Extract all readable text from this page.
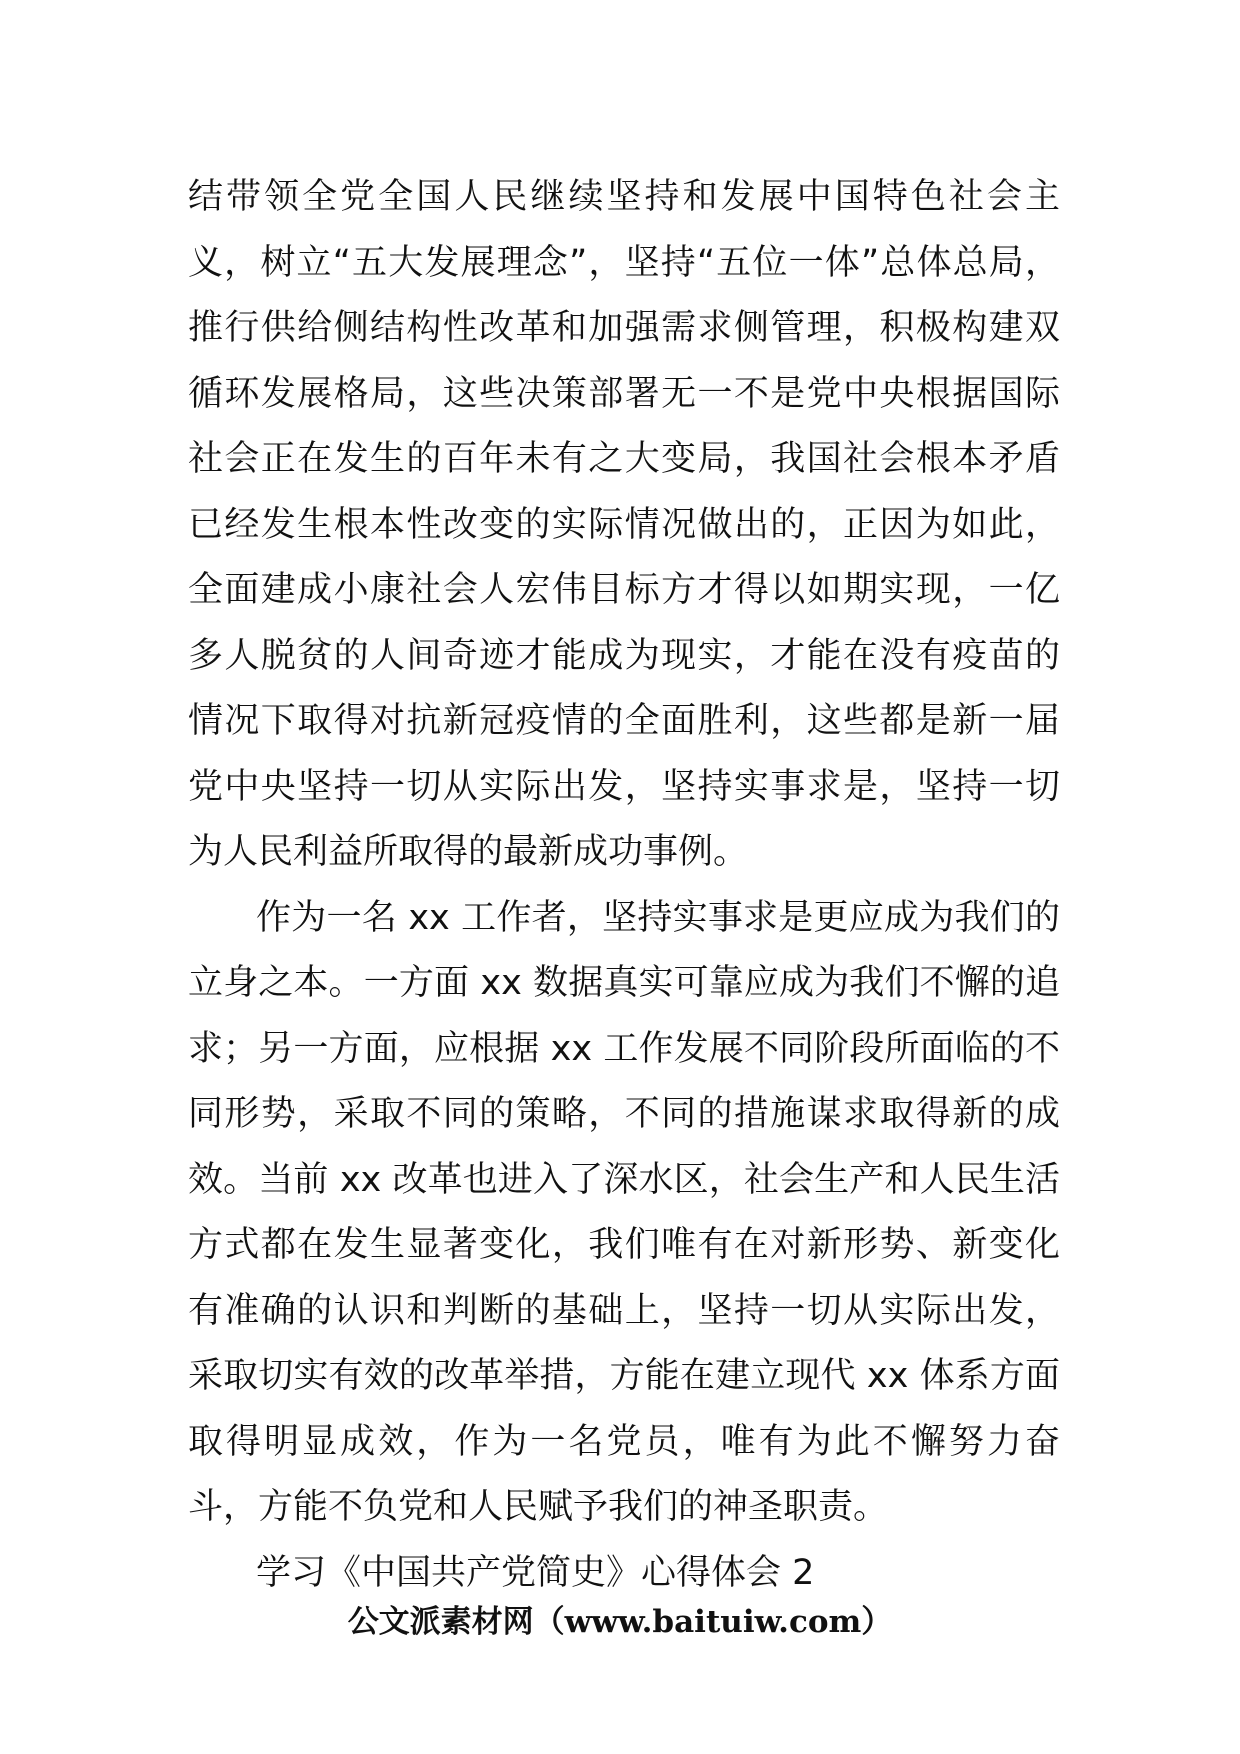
结带领全党全国人民继续坚持和发展中国特色社会主义，树立“五大发展理念”，坚持“五位一体”总体总局，推行供给侧结构性改革和加强需求侧管理，积极构建双循环发展格局，这些决策部署无一不是党中央根据国际社会正在发生的百年未有之大变局，我国社会根本矛盾已经发生根本性改变的实际情况做出的，正因为如此，全面建成小康社会人宏伟目标方才得以如期实现，一亿多人脱贫的人间奇迹才能成为现实，才能在没有疫苗的情况下取得对抗新冠疫情的全面胜利，这些都是新一届党中央坚持一切从实际出发，坚持实事求是，坚持一切为人民利益所取得的最新成功事例。

作为一名 xx 工作者，坚持实事求是更应成为我们的立身之本。一方面 xx 数据真实可靠应成为我们不懈的追求；另一方面，应根据 xx 工作发展不同阶段所面临的不同形势，采取不同的策略，不同的措施谋求取得新的成效。当前 xx 改革也进入了深水区，社会生产和人民生活方式都在发生显著变化，我们唯有在对新形势、新变化有准确的认识和判断的基础上，坚持一切从实际出发，采取切实有效的改革举措，方能在建立现代 xx 体系方面取得明显成效，作为一名党员，唯有为此不懈努力奋斗，方能不负党和人民赋予我们的神圣职责。

学习《中国共产党简史》心得体会 2

公文派素材网（www.baituiw.com）
